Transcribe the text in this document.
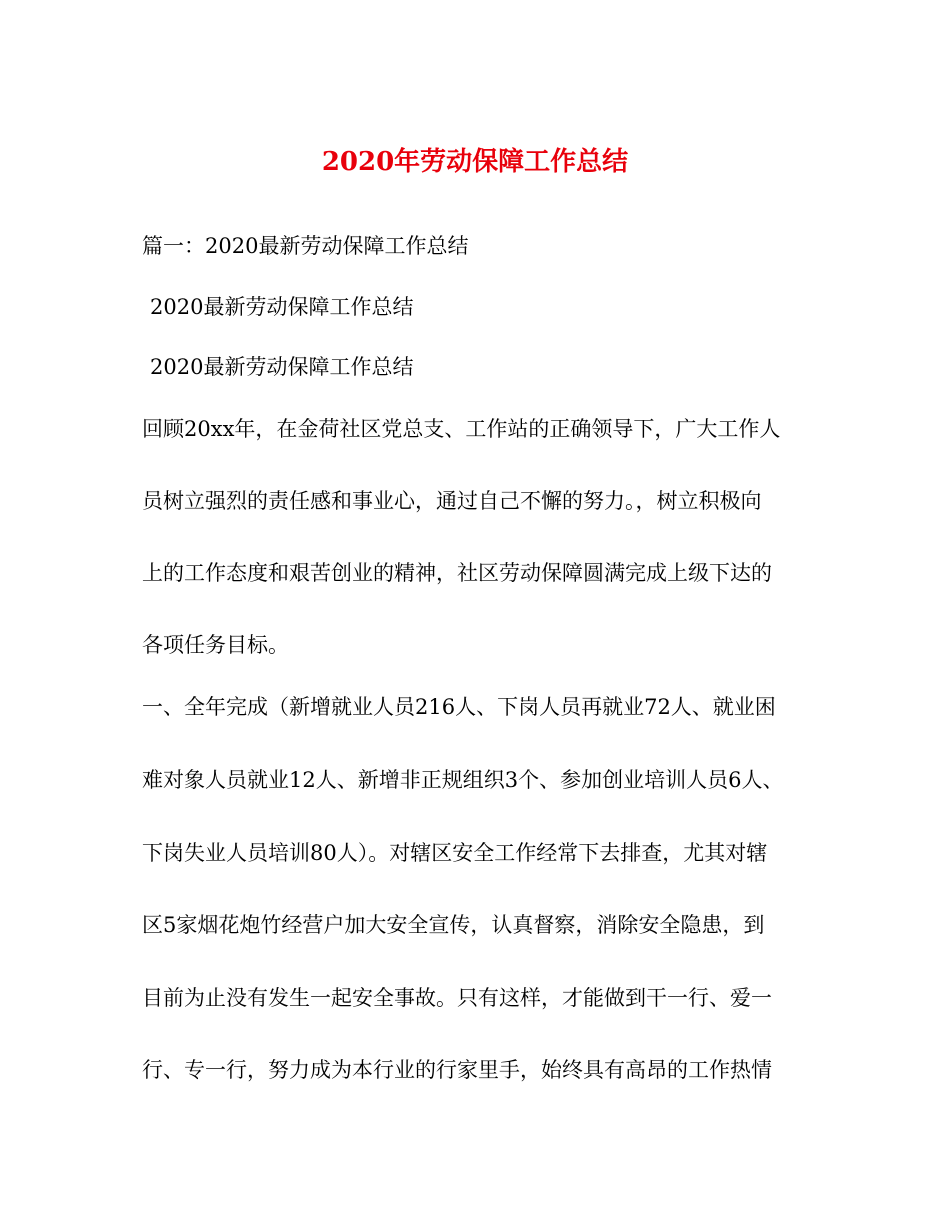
2020年劳动保障工作总结
篇一：2020最新劳动保障工作总结
2020最新劳动保障工作总结
2020最新劳动保障工作总结
回顾20xx年，在金荷社区党总支、工作站的正确领导下，广大工作人
员树立强烈的责任感和事业心，通过自己不懈的努力。，树立积极向
上的工作态度和艰苦创业的精神，社区劳动保障圆满完成上级下达的
各项任务目标。
一、全年完成（新增就业人员216人、下岗人员再就业72人、就业困
难对象人员就业12人、新增非正规组织3个、参加创业培训人员6人、
下岗失业人员培训80人）。对辖区安全工作经常下去排查，尤其对辖
区5家烟花炮竹经营户加大安全宣传，认真督察，消除安全隐患，到
目前为止没有发生一起安全事故。只有这样，才能做到干一行、爱一
行、专一行，努力成为本行业的行家里手，始终具有高昂的工作热情
